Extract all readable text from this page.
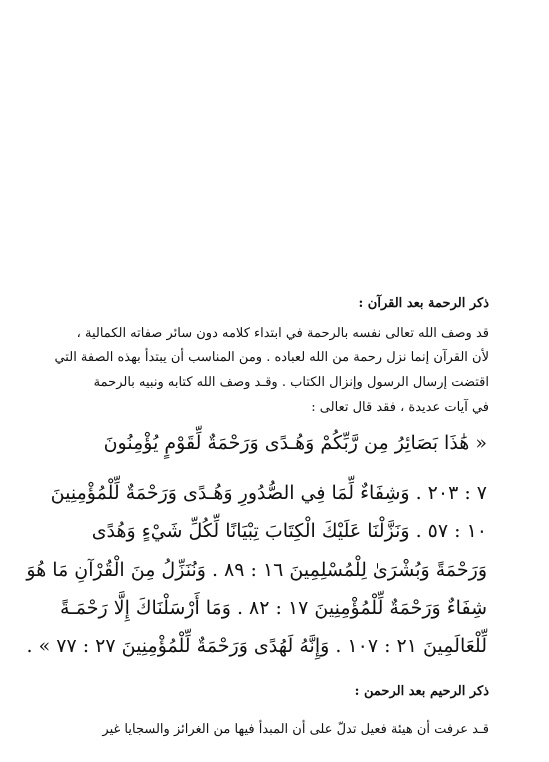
ذكر الرحمة بعد القرآن :
قد وصف الله تعالى نفسه بالرحمة في ابتداء كلامه دون سائر صفاته الكمالية ،
لأن القرآن إنما نزل رحمة من الله لعباده . ومن المناسب أن يبتدأ بهذه الصفة التي
اقتضت إرسال الرسول وإنزال الكتاب . وقـد وصف الله كتابه ونبيه بالرحمة
في آيات عديدة ، فقد قال تعالى :
« هَٰذَا بَصَائِرُ مِن رَّبِّكُمْ وَهُـدًى وَرَحْمَةٌ لِّقَوْمٍ يُؤْمِنُونَ
٧ : ٢٠٣ . وَشِفَاءٌ لِّمَا فِي الصُّدُورِ وَهُـدًى وَرَحْمَةٌ لِّلْمُؤْمِنِينَ
١٠ : ٥٧ . وَنَزَّلْنَا عَلَيْكَ الْكِتَابَ تِبْيَانًا لِّكُلِّ شَيْءٍ وَهُدًى
وَرَحْمَةً وَبُشْرَىٰ لِلْمُسْلِمِينَ ١٦ : ٨٩ . وَنُنَزِّلُ مِنَ الْقُرْآنِ مَا هُوَ
شِفَاءٌ وَرَحْمَةٌ لِّلْمُؤْمِنِينَ ١٧ : ٨٢ . وَمَا أَرْسَلْنَاكَ إِلَّا رَحْمَـةً
لِّلْعَالَمِينَ ٢١ : ١٠٧ . وَإِنَّهُ لَهُدًى وَرَحْمَةٌ لِّلْمُؤْمِنِينَ ٢٧ : ٧٧ » .
ذكر الرحيم بعد الرحمن :
قـد عرفت أن هيئة فعيل تدلّ على أن المبدأ فيها من الغرائز والسجايا غير
